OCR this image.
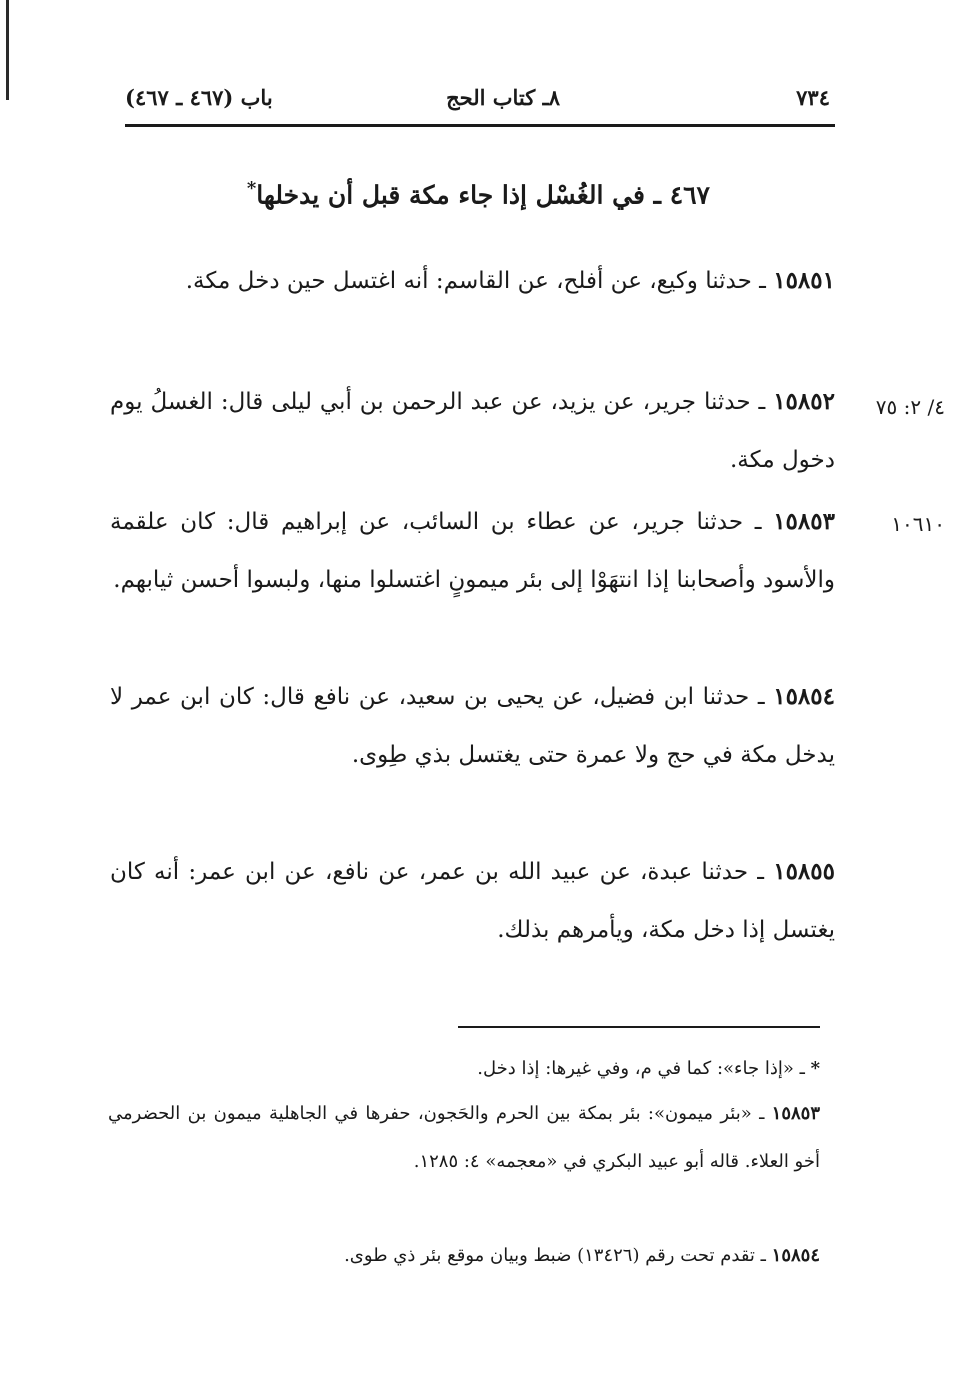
٧٣٤
٨ـ كتاب الحج
باب (٤٦٧ ـ ٤٦٧)
٤٦٧ ـ في الغُسْل إذا جاء مكة قبل أن يدخلها*
١٥٨٥١ ـ حدثنا وكيع، عن أفلح، عن القاسم: أنه اغتسل حين دخل مكة.
١٥٨٥٢ ـ حدثنا جرير، عن يزيد، عن عبد الرحمن بن أبي ليلى قال: الغسلُ يوم دخول مكة.
٤/ ٢: ٧٥
١٥٨٥٣ ـ حدثنا جرير، عن عطاء بن السائب، عن إبراهيم قال: كان علقمة والأسود وأصحابنا إذا انتهَوْا إلى بئر ميمونٍ اغتسلوا منها، ولبسوا أحسن ثيابهم.
١٠٦١٠
١٥٨٥٤ ـ حدثنا ابن فضيل، عن يحيى بن سعيد، عن نافع قال: كان ابن عمر لا يدخل مكة في حج ولا عمرة حتى يغتسل بذي طِوى.
١٥٨٥٥ ـ حدثنا عبدة، عن عبيد الله بن عمر، عن نافع، عن ابن عمر: أنه كان يغتسل إذا دخل مكة، ويأمرهم بذلك.
* ـ «إذا جاء»: كما في م، وفي غيرها: إذا دخل.
١٥٨٥٣ ـ «بئر ميمون»: بئر بمكة بين الحرم والحَجون، حفرها في الجاهلية ميمون بن الحضرمي أخو العلاء. قاله أبو عبيد البكري في «معجمه» ٤: ١٢٨٥.
١٥٨٥٤ ـ تقدم تحت رقم (١٣٤٢٦) ضبط وبيان موقع بئر ذي طوى.
